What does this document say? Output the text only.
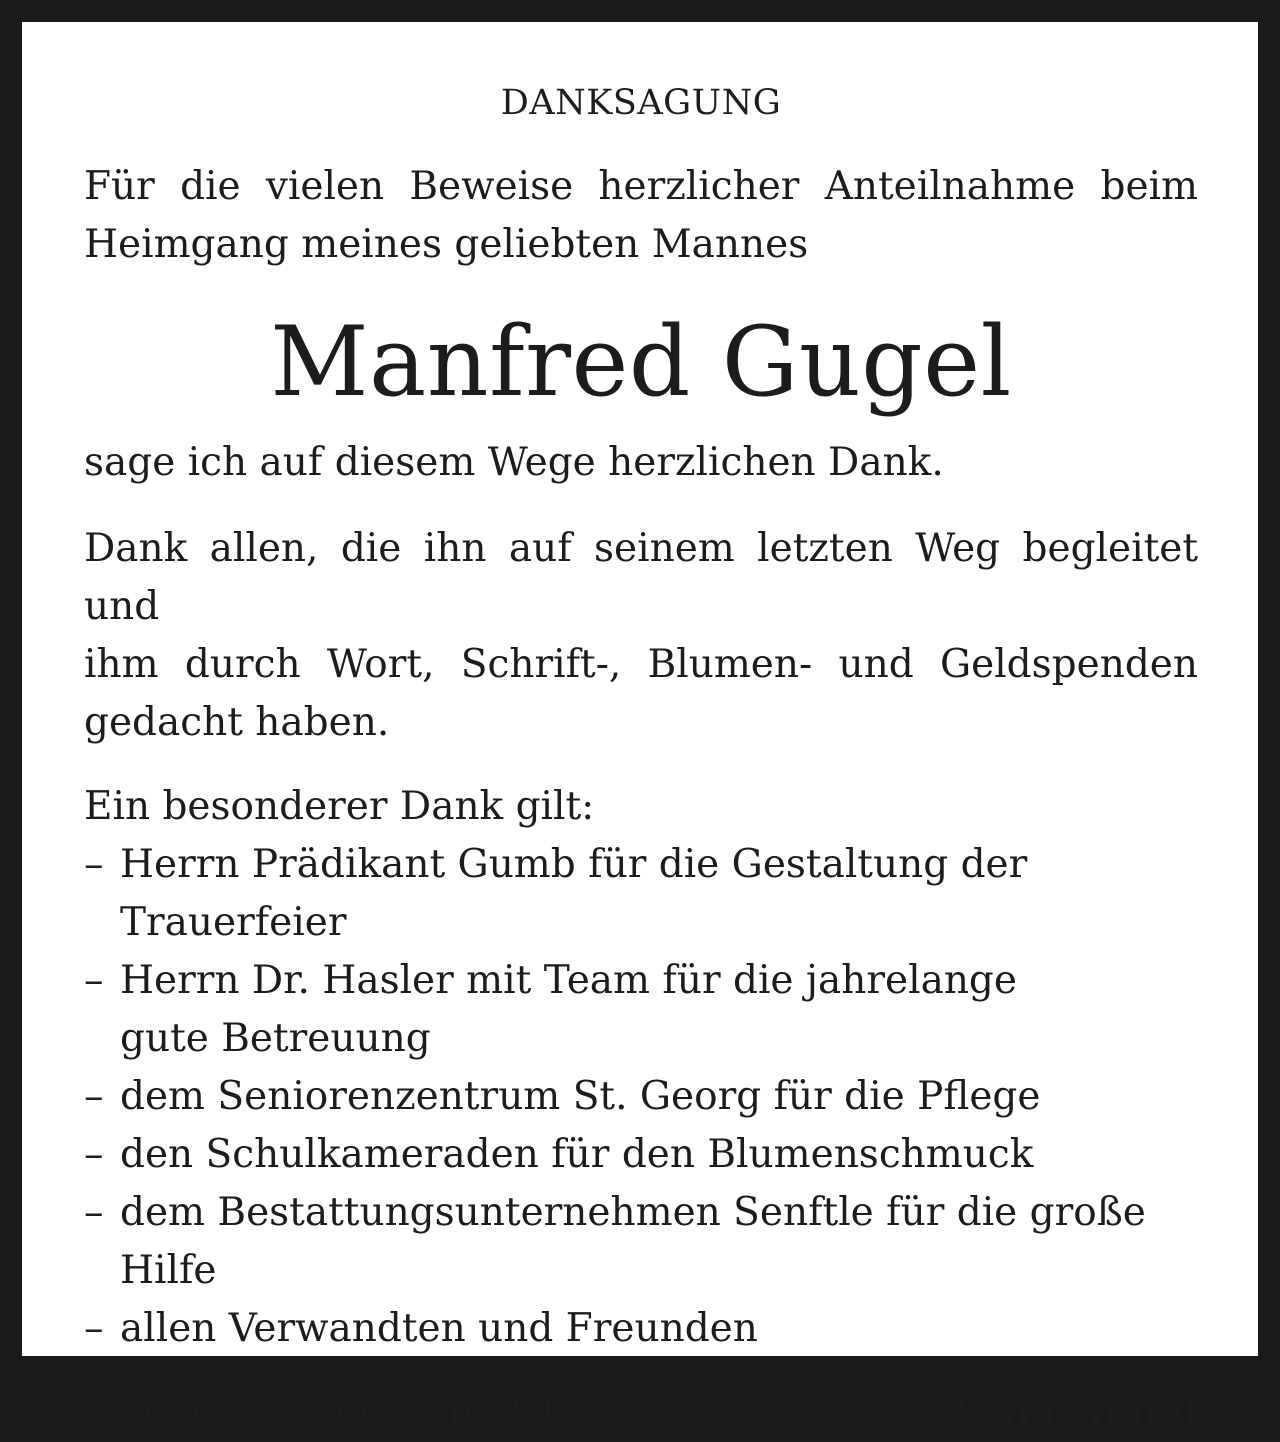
DANKSAGUNG

Für die vielen Beweise herzlicher Anteilnahme beim

Heimgang meines geliebten Mannes

Manfred Gugel

sage ich auf diesem Wege herzlichen Dank.

Dank allen, die ihn auf seinem letzten Weg begleitet und

ihm durch Wort, Schrift-, Blumen- und Geldspenden

gedacht haben.

Ein besonderer Dank gilt:

– Herrn Prädikant Gumb für die Gestaltung der Trauerfeier
– Herrn Dr. Hasler mit Team für die jahrelange gute Betreuung
– dem Seniorenzentrum St. Georg für die Pflege
– den Schulkameraden für den Blumenschmuck
– dem Bestattungsunternehmen Senftle für die große Hilfe
– allen Verwandten und Freunden
Neuenburg, im Juni 2016	Anna Gugel
